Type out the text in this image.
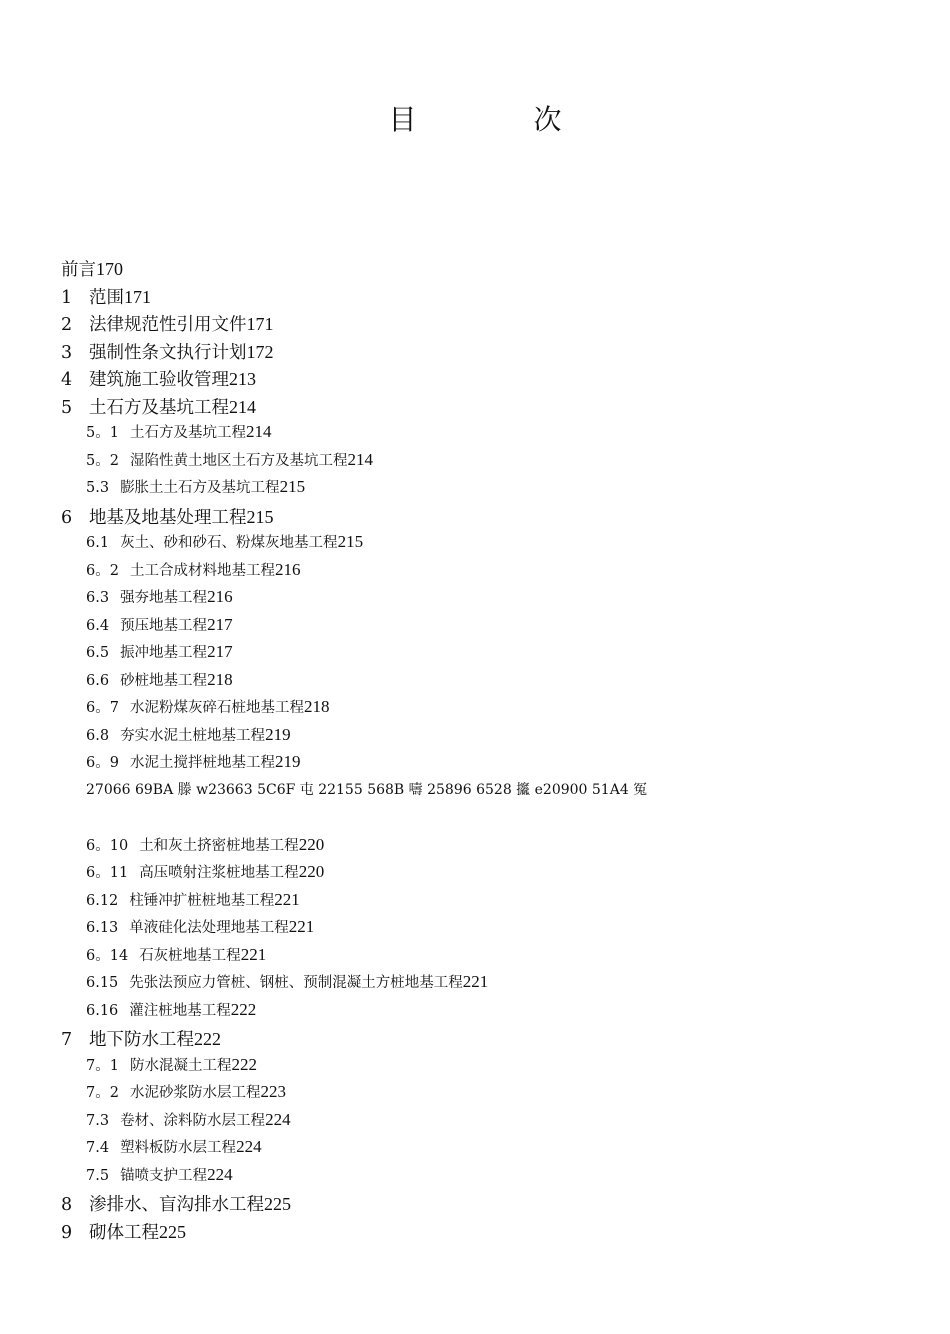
目 次
前言170
1 范围171
2 法律规范性引用文件171
3 强制性条文执行计划172
4 建筑施工验收管理213
5 土石方及基坑工程214
5。1 土石方及基坑工程214
5。2 湿陷性黄土地区土石方及基坑工程214
5.3 膨胀土土石方及基坑工程215
6 地基及地基处理工程215
6.1 灰土、砂和砂石、粉煤灰地基工程215
6。2 土工合成材料地基工程216
6.3 强夯地基工程216
6.4 预压地基工程217
6.5 振冲地基工程217
6.6 砂桩地基工程218
6。7 水泥粉煤灰碎石桩地基工程218
6.8 夯实水泥土桩地基工程219
6。9 水泥土搅拌桩地基工程219
27066 69BA 滕 w23663 5C6F 屯 22155 568B 嚋 25896 6528 攨 e20900 51A4 冤
6。10 土和灰土挤密桩地基工程220
6。11 高压喷射注浆桩地基工程220
6.12 柱锤冲扩桩桩地基工程221
6.13 单液硅化法处理地基工程221
6。14 石灰桩地基工程221
6.15 先张法预应力管桩、钢桩、预制混凝土方桩地基工程221
6.16 灌注桩地基工程222
7 地下防水工程222
7。1 防水混凝土工程222
7。2 水泥砂浆防水层工程223
7.3 卷材、涂料防水层工程224
7.4 塑料板防水层工程224
7.5 锚喷支护工程224
8 渗排水、盲沟排水工程225
9 砌体工程225
